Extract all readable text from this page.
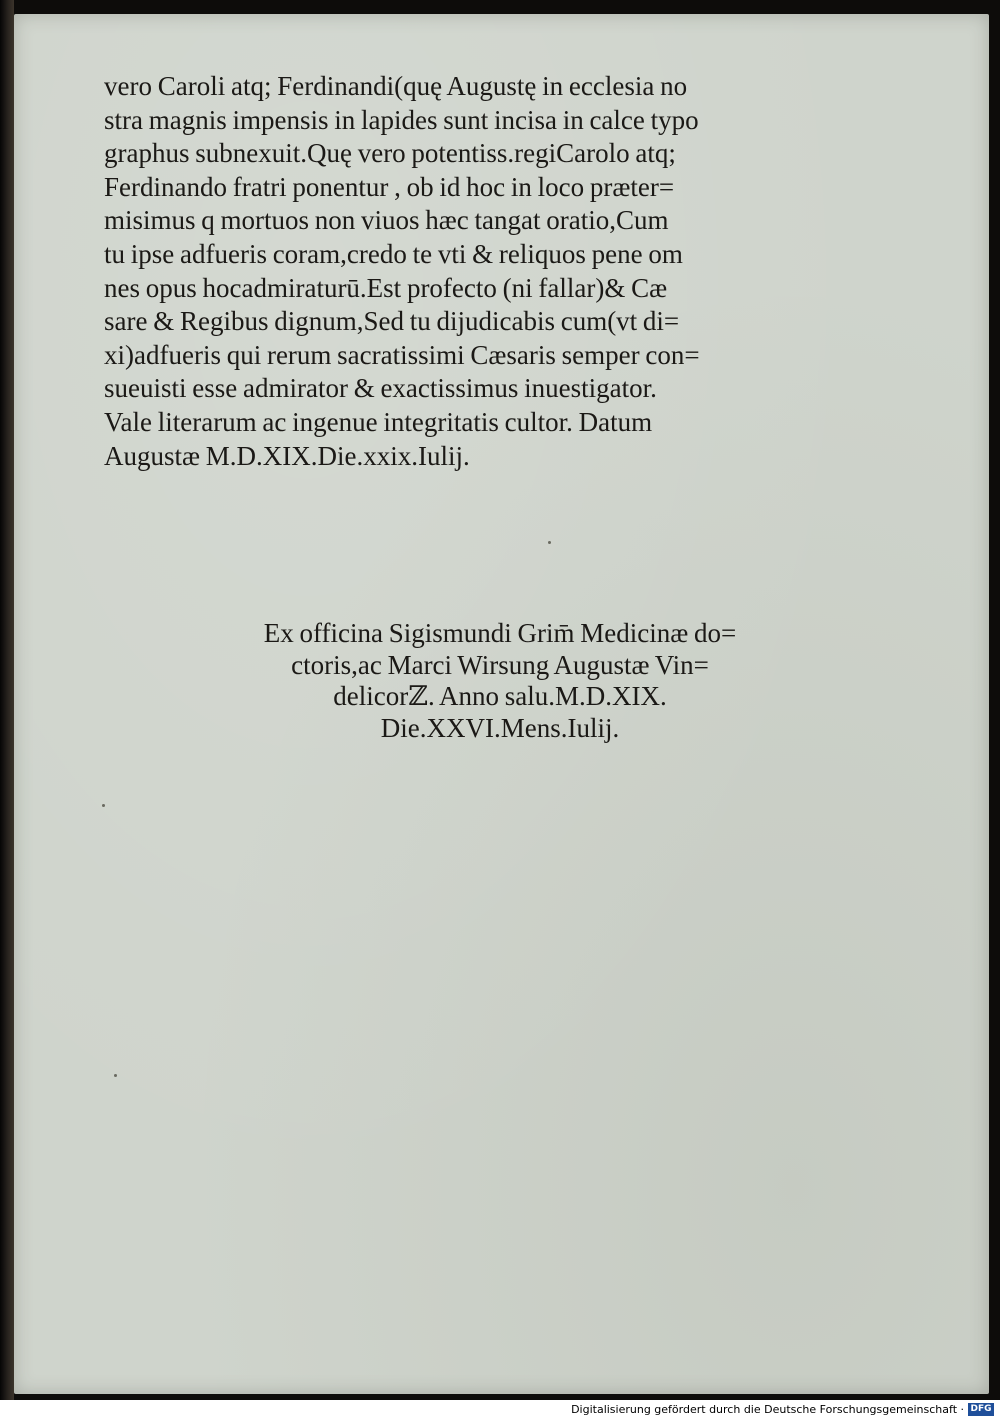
vero Caroli atq; Ferdinandi(quę Augustę in ecclesia no
stra magnis impensis in lapides sunt incisa in calce typo
graphus subnexuit.Quę vero potentiss.regiCarolo atq;
Ferdinando fratri ponentur , ob id hoc in loco præter=
misimus q mortuos non viuos hæc tangat oratio,Cum
tu ipse adfueris coram,credo te vti & reliquos pene om
nes opus hocadmiraturū.Est profecto (ni fallar)& Cæ
sare & Regibus dignum,Sed tu dijudicabis cum(vt di=
xi)adfueris qui rerum sacratissimi Cæsaris semper con=
sueuisti esse admirator & exactissimus inuestigator.
Vale literarum ac ingenue integritatis cultor. Datum
Augustæ M.D.XIX.Die.xxix.Iulij.
Ex officina Sigismundi Grim̄ Medicinæ do=
ctoris,ac Marci Wirsung Augustæ Vin=
delicorℤ. Anno salu.M.D.XIX.
Die.XXVI.Mens.Iulij.
Digitalisierung gefördert durch die Deutsche Forschungsgemeinschaft · DFG
